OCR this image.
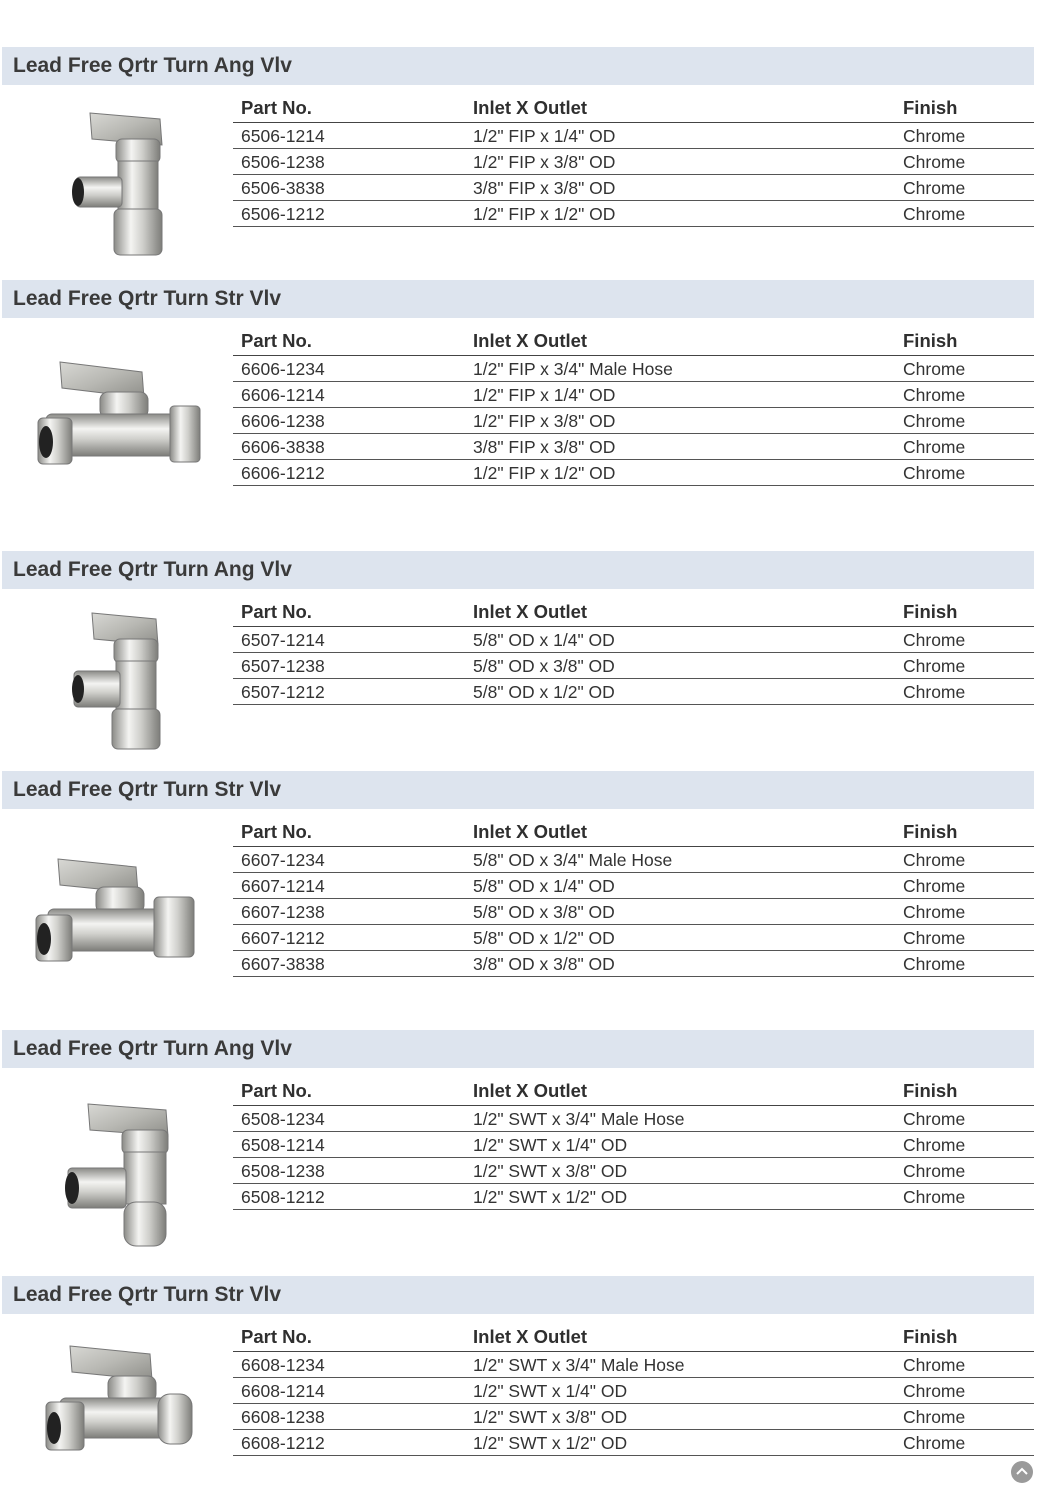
Lead Free Qrtr Turn Ang Vlv
Part No.	Inlet X Outlet	Finish
6506-1214	1/2" FIP x 1/4" OD	Chrome
6506-1238	1/2" FIP x 3/8" OD	Chrome
6506-3838	3/8" FIP x 3/8" OD	Chrome
6506-1212	1/2" FIP x 1/2" OD	Chrome
Lead Free Qrtr Turn Str Vlv
Part No.	Inlet X Outlet	Finish
6606-1234	1/2" FIP x 3/4" Male Hose	Chrome
6606-1214	1/2" FIP x 1/4" OD	Chrome
6606-1238	1/2" FIP x 3/8" OD	Chrome
6606-3838	3/8" FIP x 3/8" OD	Chrome
6606-1212	1/2" FIP x 1/2" OD	Chrome
Lead Free Qrtr Turn Ang Vlv
Part No.	Inlet X Outlet	Finish
6507-1214	5/8" OD x 1/4" OD	Chrome
6507-1238	5/8" OD x 3/8" OD	Chrome
6507-1212	5/8" OD x 1/2" OD	Chrome
Lead Free Qrtr Turn Str Vlv
Part No.	Inlet X Outlet	Finish
6607-1234	5/8" OD x 3/4" Male Hose	Chrome
6607-1214	5/8" OD x 1/4" OD	Chrome
6607-1238	5/8" OD x 3/8" OD	Chrome
6607-1212	5/8" OD x 1/2" OD	Chrome
6607-3838	3/8" OD x 3/8" OD	Chrome
Lead Free Qrtr Turn Ang Vlv
Part No.	Inlet X Outlet	Finish
6508-1234	1/2" SWT x 3/4" Male Hose	Chrome
6508-1214	1/2" SWT x 1/4" OD	Chrome
6508-1238	1/2" SWT x 3/8" OD	Chrome
6508-1212	1/2" SWT x 1/2" OD	Chrome
Lead Free Qrtr Turn Str Vlv
Part No.	Inlet X Outlet	Finish
6608-1234	1/2" SWT x 3/4" Male Hose	Chrome
6608-1214	1/2" SWT x 1/4" OD	Chrome
6608-1238	1/2" SWT x 3/8" OD	Chrome
6608-1212	1/2" SWT x 1/2" OD	Chrome
